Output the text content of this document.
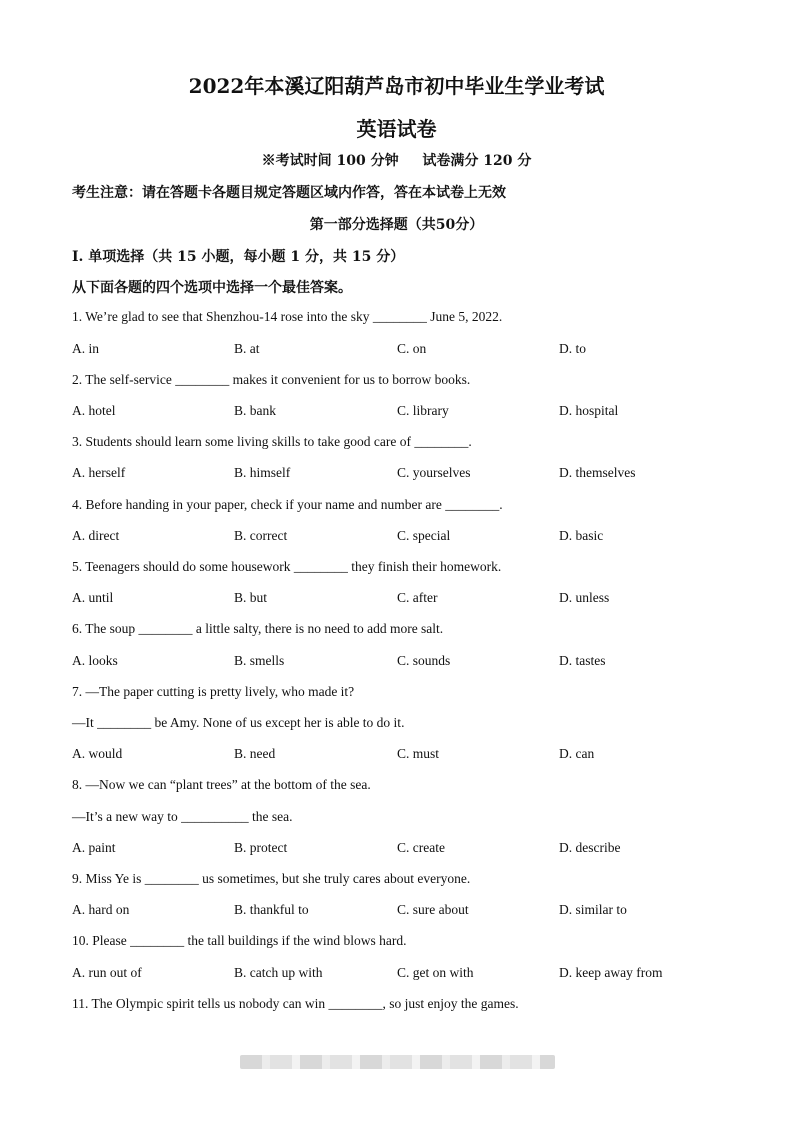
2022年本溪辽阳葫芦岛市初中毕业生学业考试
英语试卷
※考试时间 100 分钟 　 试卷满分 120 分
考生注意：请在答题卡各题目规定答题区域内作答，答在本试卷上无效
第一部分选择题（共50分）
I. 单项选择（共 15 小题，每小题 1 分，共 15 分）
从下面各题的四个选项中选择一个最佳答案。
1. We’re glad to see that Shenzhou-14 rose into the sky ________ June 5, 2022.
A. in	B. at	C. on	D. to
2. The self-service ________ makes it convenient for us to borrow books.
A. hotel	B. bank	C. library	D. hospital
3. Students should learn some living skills to take good care of ________.
A. herself	B. himself	C. yourselves	D. themselves
4. Before handing in your paper, check if your name and number are ________.
A. direct	B. correct	C. special	D. basic
5. Teenagers should do some housework ________ they finish their homework.
A. until	B. but	C. after	D. unless
6. The soup ________ a little salty, there is no need to add more salt.
A. looks	B. smells	C. sounds	D. tastes
7. —The paper cutting is pretty lively, who made it?
—It ________ be Amy. None of us except her is able to do it.
A. would	B. need	C. must	D. can
8. —Now we can “plant trees” at the bottom of the sea.
—It’s a new way to __________ the sea.
A. paint	B. protect	C. create	D. describe
9. Miss Ye is ________ us sometimes, but she truly cares about everyone.
A. hard on	B. thankful to	C. sure about	D. similar to
10. Please ________ the tall buildings if the wind blows hard.
A. run out of	B. catch up with	C. get on with	D. keep away from
11. The Olympic spirit tells us nobody can win ________, so just enjoy the games.
